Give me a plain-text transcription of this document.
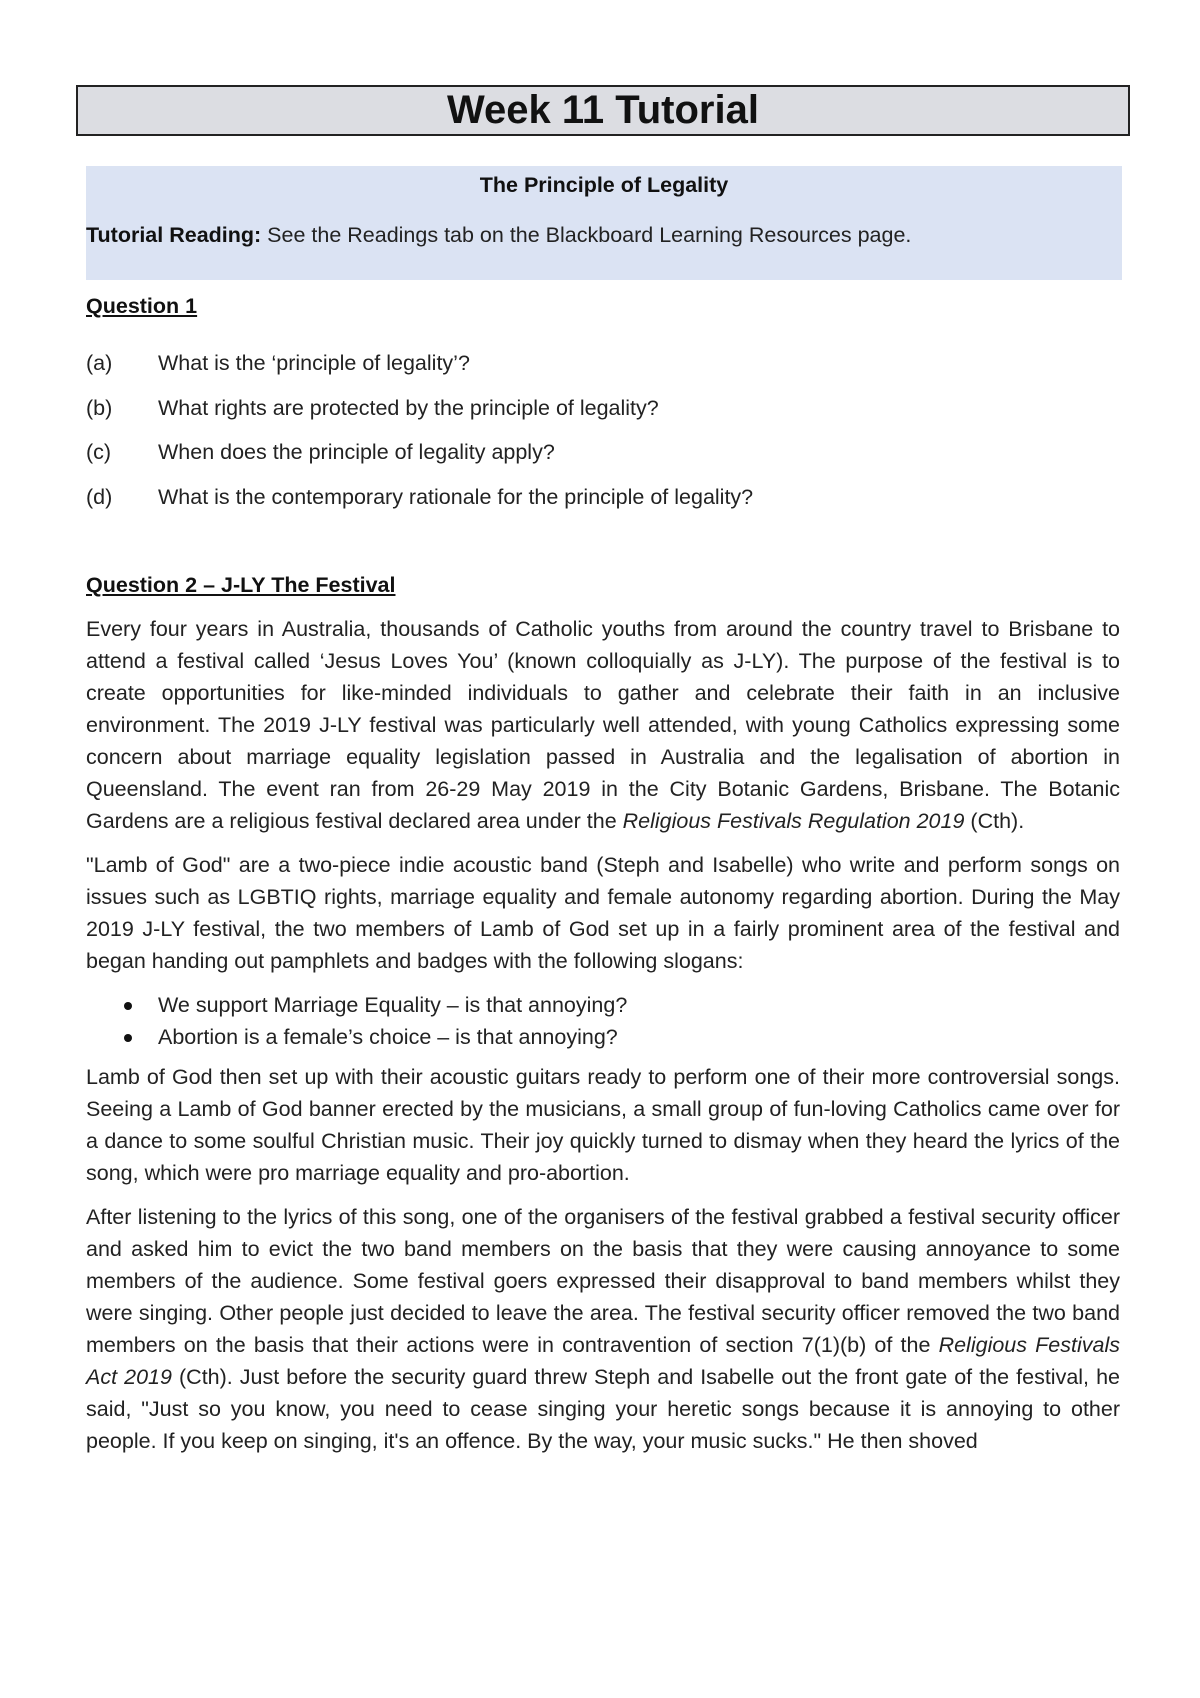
Week 11 Tutorial
The Principle of Legality
Tutorial Reading: See the Readings tab on the Blackboard Learning Resources page.
Question 1
(a)	What is the ‘principle of legality’?
(b)	What rights are protected by the principle of legality?
(c)	When does the principle of legality apply?
(d)	What is the contemporary rationale for the principle of legality?
Question 2 – J-LY The Festival

Every four years in Australia, thousands of Catholic youths from around the country travel to Brisbane to attend a festival called ‘Jesus Loves You’ (known colloquially as J-LY). The purpose of the festival is to create opportunities for like-minded individuals to gather and celebrate their faith in an inclusive environment. The 2019 J-LY festival was particularly well attended, with young Catholics expressing some concern about marriage equality legislation passed in Australia and the legalisation of abortion in Queensland. The event ran from 26-29 May 2019 in the City Botanic Gardens, Brisbane. The Botanic Gardens are a religious festival declared area under the Religious Festivals Regulation 2019 (Cth).

"Lamb of God" are a two-piece indie acoustic band (Steph and Isabelle) who write and perform songs on issues such as LGBTIQ rights, marriage equality and female autonomy regarding abortion. During the May 2019 J-LY festival, the two members of Lamb of God set up in a fairly prominent area of the festival and began handing out pamphlets and badges with the following slogans:

We support Marriage Equality – is that annoying?
Abortion is a female’s choice – is that annoying?

Lamb of God then set up with their acoustic guitars ready to perform one of their more controversial songs. Seeing a Lamb of God banner erected by the musicians, a small group of fun-loving Catholics came over for a dance to some soulful Christian music. Their joy quickly turned to dismay when they heard the lyrics of the song, which were pro marriage equality and pro-abortion.

After listening to the lyrics of this song, one of the organisers of the festival grabbed a festival security officer and asked him to evict the two band members on the basis that they were causing annoyance to some members of the audience. Some festival goers expressed their disapproval to band members whilst they were singing. Other people just decided to leave the area. The festival security officer removed the two band members on the basis that their actions were in contravention of section 7(1)(b) of the Religious Festivals Act 2019 (Cth). Just before the security guard threw Steph and Isabelle out the front gate of the festival, he said, "Just so you know, you need to cease singing your heretic songs because it is annoying to other people. If you keep on singing, it's an offence. By the way, your music sucks." He then shoved
